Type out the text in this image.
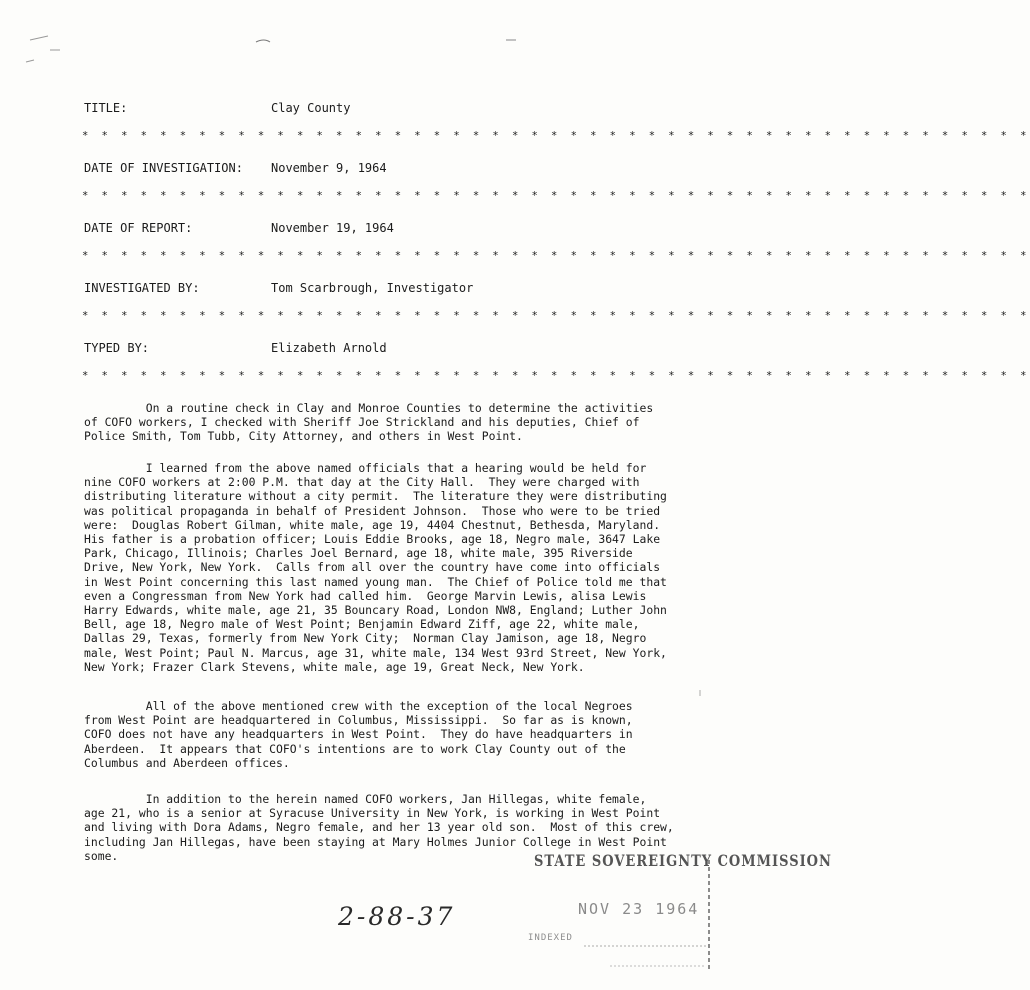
TITLE:	Clay County
* * * * * * * * * * * * * * * * * * * * * * * * * * * * * * * * * * * * * * * * * * * * * * * * *
DATE OF INVESTIGATION: November 9, 1964
* * * * * * * * * * * * * * * * * * * * * * * * * * * * * * * * * * * * * * * * * * * * * * * * *
DATE OF REPORT:	November 19, 1964
* * * * * * * * * * * * * * * * * * * * * * * * * * * * * * * * * * * * * * * * * * * * * * * * *
INVESTIGATED BY:	Tom Scarbrough, Investigator
* * * * * * * * * * * * * * * * * * * * * * * * * * * * * * * * * * * * * * * * * * * * * * * * *
TYPED BY:	Elizabeth Arnold
* * * * * * * * * * * * * * * * * * * * * * * * * * * * * * * * * * * * * * * * * * * * * * * * *
On a routine check in Clay and Monroe Counties to determine the activities
of COFO workers, I checked with Sheriff Joe Strickland and his deputies, Chief of
Police Smith, Tom Tubb, City Attorney, and others in West Point.
I learned from the above named officials that a hearing would be held for
nine COFO workers at 2:00 P.M. that day at the City Hall.  They were charged with
distributing literature without a city permit.  The literature they were distributing
was political propaganda in behalf of President Johnson.  Those who were to be tried
were:  Douglas Robert Gilman, white male, age 19, 4404 Chestnut, Bethesda, Maryland.
His father is a probation officer; Louis Eddie Brooks, age 18, Negro male, 3647 Lake
Park, Chicago, Illinois; Charles Joel Bernard, age 18, white male, 395 Riverside
Drive, New York, New York.  Calls from all over the country have come into officials
in West Point concerning this last named young man.  The Chief of Police told me that
even a Congressman from New York had called him.  George Marvin Lewis, alisa Lewis
Harry Edwards, white male, age 21, 35 Bouncary Road, London NW8, England; Luther John
Bell, age 18, Negro male of West Point; Benjamin Edward Ziff, age 22, white male,
Dallas 29, Texas, formerly from New York City;  Norman Clay Jamison, age 18, Negro
male, West Point; Paul N. Marcus, age 31, white male, 134 West 93rd Street, New York,
New York; Frazer Clark Stevens, white male, age 19, Great Neck, New York.
All of the above mentioned crew with the exception of the local Negroes
from West Point are headquartered in Columbus, Mississippi.  So far as is known,
COFO does not have any headquarters in West Point.  They do have headquarters in
Aberdeen.  It appears that COFO's intentions are to work Clay County out of the
Columbus and Aberdeen offices.
In addition to the herein named COFO workers, Jan Hillegas, white female,
age 21, who is a senior at Syracuse University in New York, is working in West Point
and living with Dora Adams, Negro female, and her 13 year old son.  Most of this crew,
including Jan Hillegas, have been staying at Mary Holmes Junior College in West Point
some.	STATE SOVEREIGNTY COMMISSION
NOV 23 1964
INDEXED
2-88-37
